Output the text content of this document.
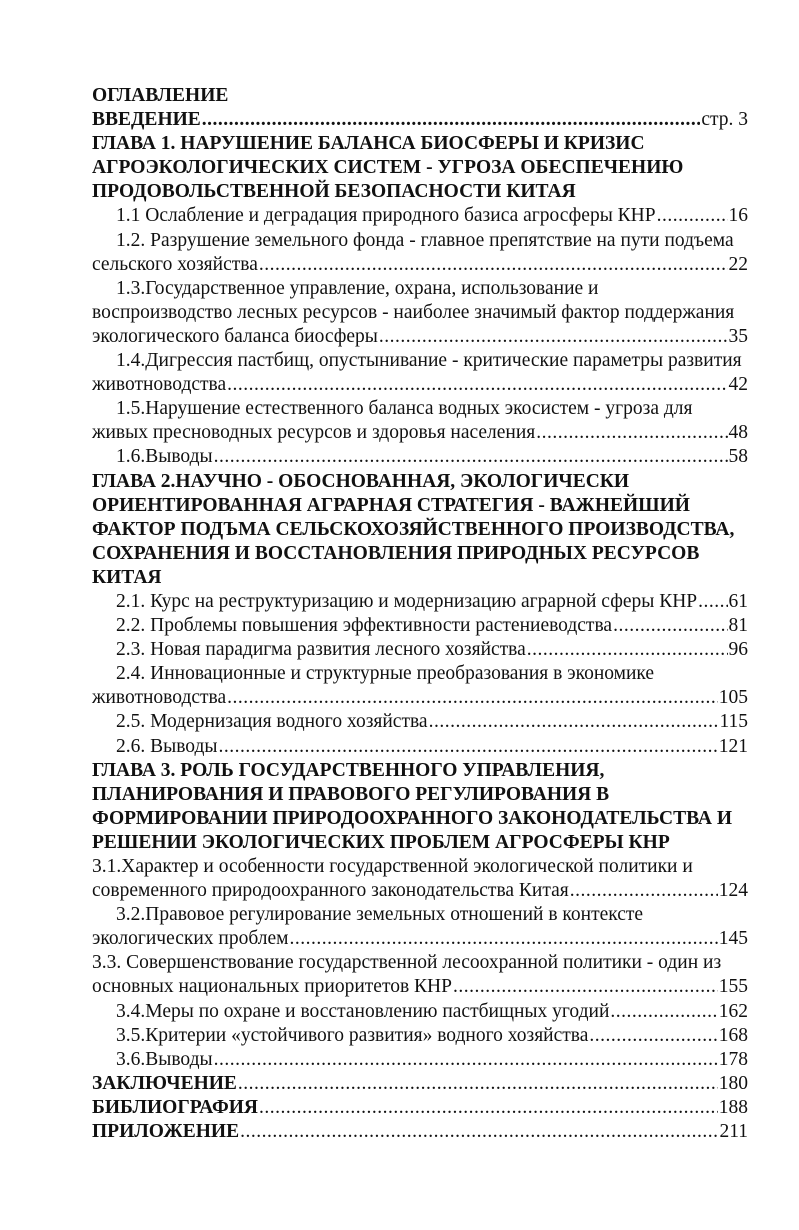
ОГЛАВЛЕНИЕ
ВВЕДЕНИЕ .....	стр. 3
ГЛАВА 1. НАРУШЕНИЕ БАЛАНСА БИОСФЕРЫ И КРИЗИС
АГРОЭКОЛОГИЧЕСКИХ СИСТЕМ - УГРОЗА ОБЕСПЕЧЕНИЮ
ПРОДОВОЛЬСТВЕННОЙ БЕЗОПАСНОСТИ КИТАЯ
1.1 Ослабление и деградация природного базиса агросферы КНР .....	16
1.2. Разрушение земельного фонда - главное препятствие на пути подъема
сельского хозяйства .....	22
1.3.Государственное управление, охрана, использование и
воспроизводство лесных ресурсов - наиболее значимый фактор поддержания
экологического баланса биосферы .....	35
1.4.Дигрессия пастбищ, опустынивание - критические параметры развития
животноводства .....	42
1.5.Нарушение естественного баланса водных экосистем - угроза для
живых пресноводных ресурсов и здоровья населения .....	48
1.6.Выводы .....	58
ГЛАВА 2.НАУЧНО - ОБОСНОВАННАЯ, ЭКОЛОГИЧЕСКИ
ОРИЕНТИРОВАННАЯ АГРАРНАЯ СТРАТЕГИЯ - ВАЖНЕЙШИЙ
ФАКТОР ПОДЪМА СЕЛЬСКОХОЗЯЙСТВЕННОГО ПРОИЗВОДСТВА,
СОХРАНЕНИЯ И ВОССТАНОВЛЕНИЯ ПРИРОДНЫХ РЕСУРСОВ
КИТАЯ
2.1. Курс на реструктуризацию и модернизацию аграрной сферы КНР ..... 61
2.2. Проблемы повышения эффективности растениеводства .....	81
2.3. Новая парадигма развития лесного хозяйства .....	96
2.4. Инновационные и структурные преобразования в экономике
животноводства .....	105
2.5. Модернизация водного хозяйства .....	115
2.6. Выводы .....	121
ГЛАВА 3. РОЛЬ ГОСУДАРСТВЕННОГО УПРАВЛЕНИЯ,
ПЛАНИРОВАНИЯ И ПРАВОВОГО РЕГУЛИРОВАНИЯ В
ФОРМИРОВАНИИ ПРИРОДООХРАННОГО ЗАКОНОДАТЕЛЬСТВА И
РЕШЕНИИ ЭКОЛОГИЧЕСКИХ ПРОБЛЕМ АГРОСФЕРЫ КНР
3.1.Характер и особенности государственной экологической политики и
современного природоохранного законодательства Китая .....	124
3.2.Правовое регулирование земельных отношений в контексте
экологических проблем .....	145
3.3. Совершенствование государственной лесоохранной политики - один из
основных национальных приоритетов КНР .....	155
3.4.Меры по охране и восстановлению пастбищных угодий .....	162
3.5.Критерии «устойчивого развития» водного хозяйства .....	168
3.6.Выводы .....	178
ЗАКЛЮЧЕНИЕ .....	180
БИБЛИОГРАФИЯ .....	188
ПРИЛОЖЕНИЕ .....	211
